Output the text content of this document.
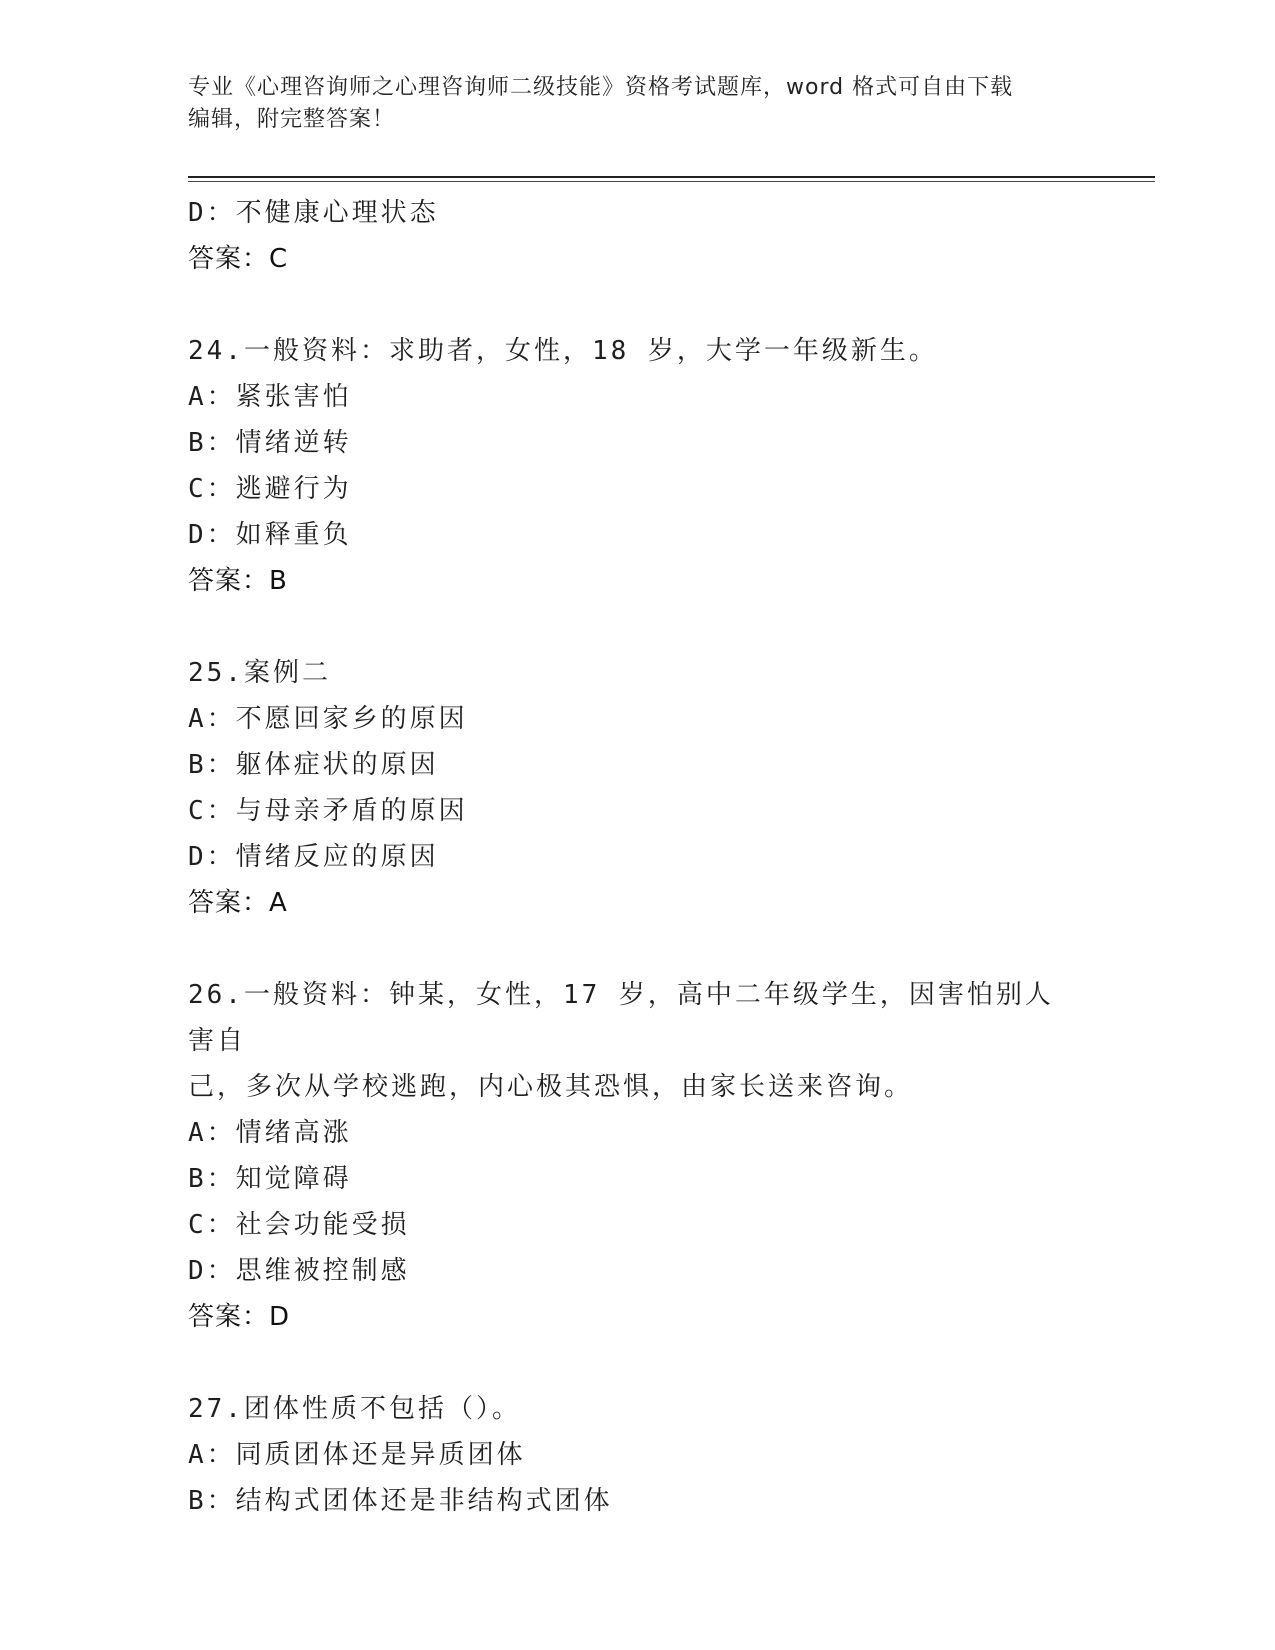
专业《心理咨询师之心理咨询师二级技能》资格考试题库，word 格式可自由下载
编辑，附完整答案！
D：不健康心理状态
答案：C
24.一般资料：求助者，女性，18 岁，大学一年级新生。
A：紧张害怕
B：情绪逆转
C：逃避行为
D：如释重负
答案：B
25.案例二
A：不愿回家乡的原因
B：躯体症状的原因
C：与母亲矛盾的原因
D：情绪反应的原因
答案：A
26.一般资料：钟某，女性，17 岁，高中二年级学生，因害怕别人害自
己，多次从学校逃跑，内心极其恐惧，由家长送来咨询。
A：情绪高涨
B：知觉障碍
C：社会功能受损
D：思维被控制感
答案：D
27.团体性质不包括（）。
A：同质团体还是异质团体
B：结构式团体还是非结构式团体
